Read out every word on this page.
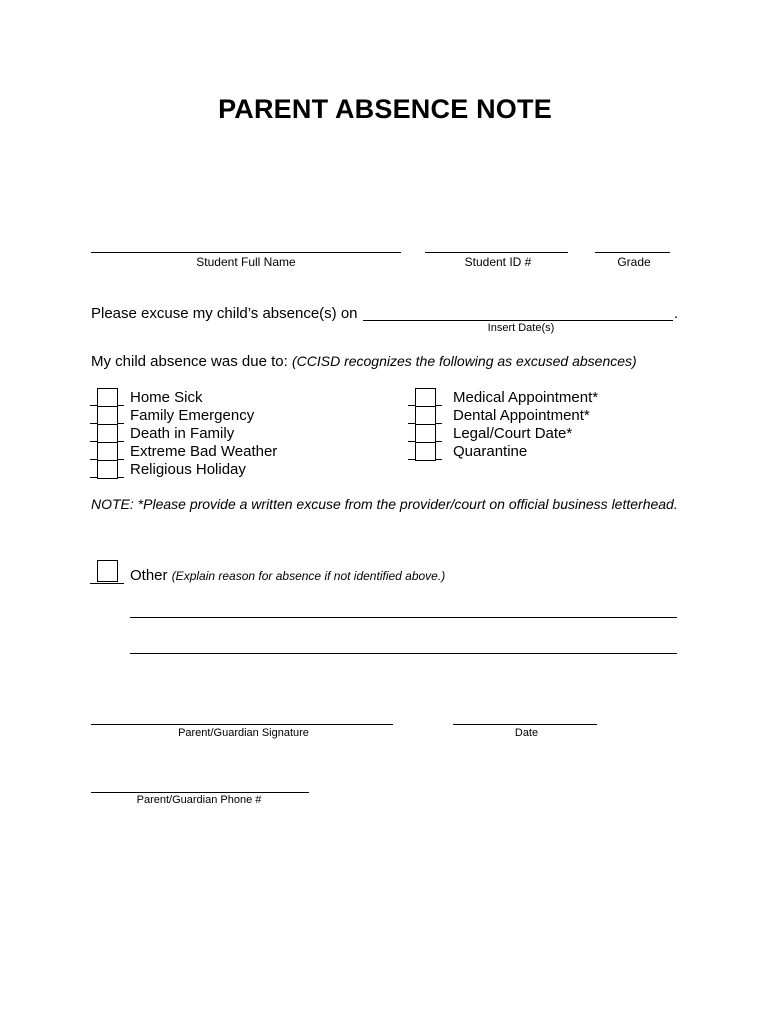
PARENT ABSENCE NOTE
Student Full Name	Student ID #	Grade
Please excuse my child’s absence(s) on	.
Insert Date(s)
My child absence was due to: (CCISD recognizes the following as excused absences)
Home Sick
Family Emergency
Death in Family
Extreme Bad Weather
Religious Holiday
Medical Appointment*
Dental Appointment*
Legal/Court Date*
Quarantine
NOTE: *Please provide a written excuse from the provider/court on official business letterhead.
Other (Explain reason for absence if not identified above.)
Parent/Guardian Signature	Date
Parent/Guardian Phone #
